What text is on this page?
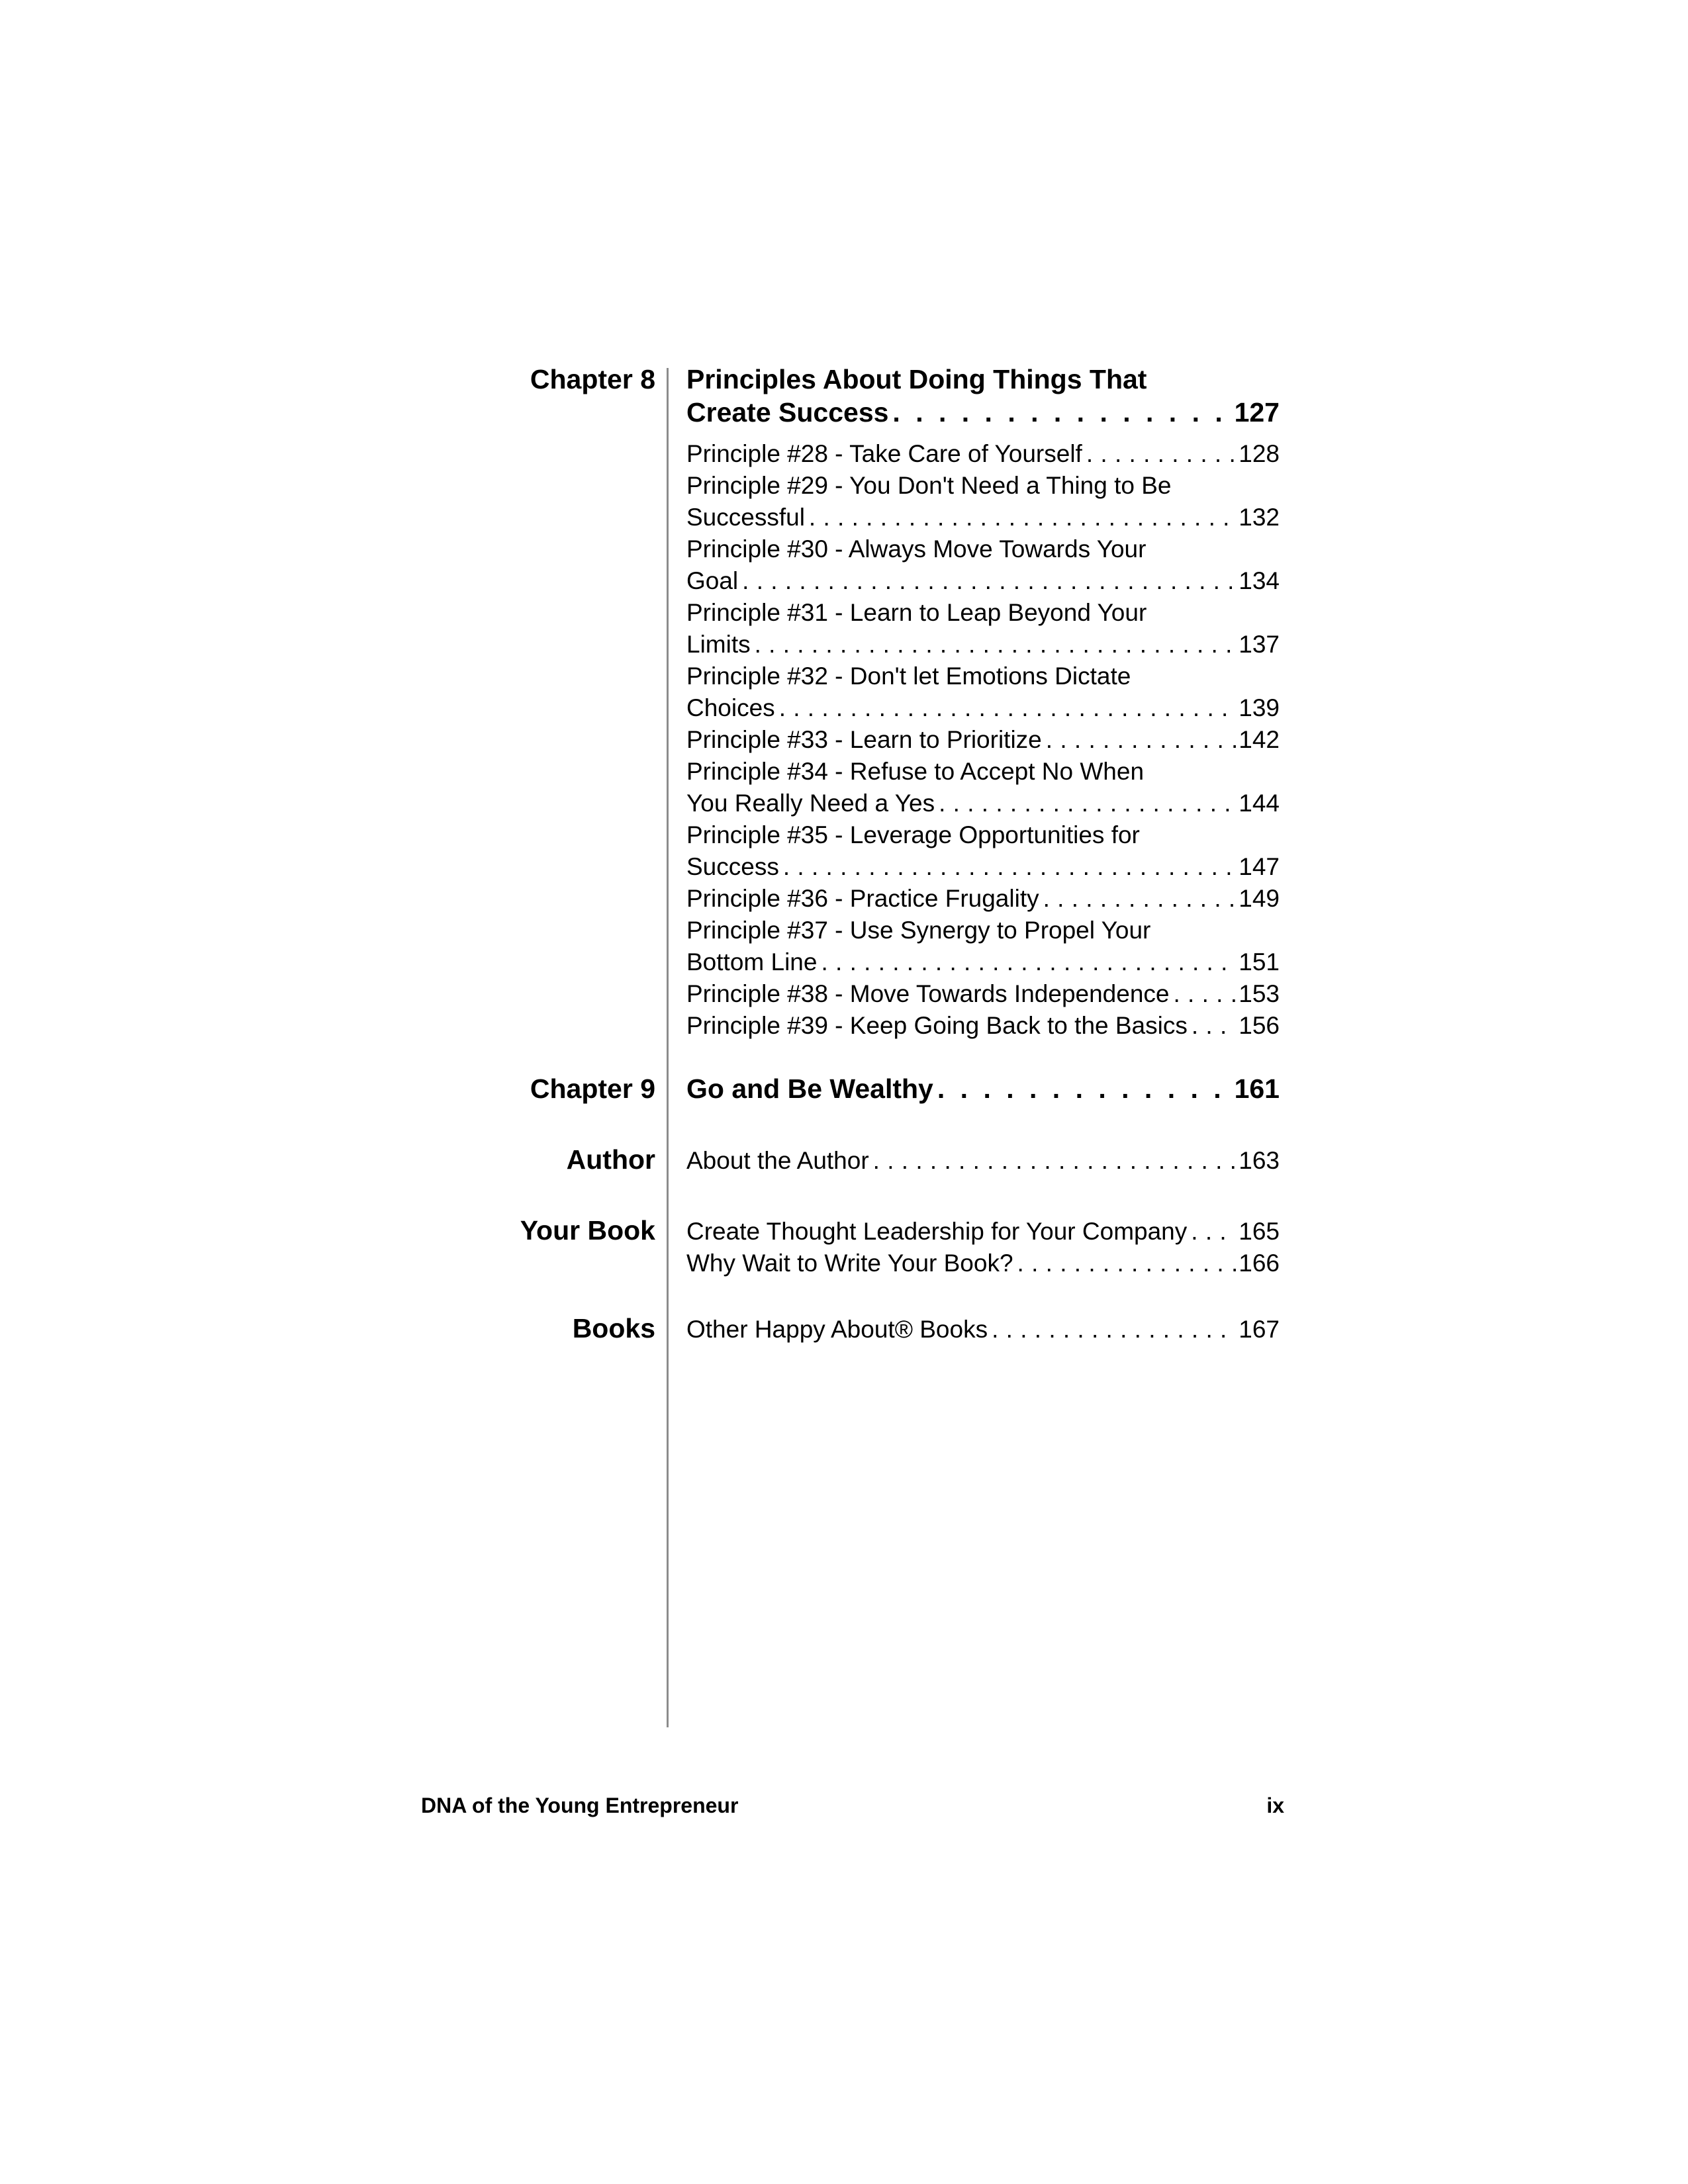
Chapter 8 Principles About Doing Things That
Create Success . . .	127
Principle #28 - Take Care of Yourself . . .	128
Principle #29 - You Don't Need a Thing to Be
Successful . . .	132
Principle #30 - Always Move Towards Your
Goal . . .	134
Principle #31 - Learn to Leap Beyond Your
Limits . . .	137
Principle #32 - Don't let Emotions Dictate
Choices . . .	139
Principle #33 - Learn to Prioritize . . .	142
Principle #34 - Refuse to Accept No When
You Really Need a Yes . . .	144
Principle #35 - Leverage Opportunities for
Success . . .	147
Principle #36 - Practice Frugality . . .	149
Principle #37 - Use Synergy to Propel Your
Bottom Line . . .	151
Principle #38 - Move Towards Independence . . .	153
Principle #39 - Keep Going Back to the Basics . . . 156
Chapter 9 Go and Be Wealthy . . .	161
Author About the Author . . .	163
Your Book Create Thought Leadership for Your Company . . . 165
Why Wait to Write Your Book? . . .	166
Books Other Happy About® Books . . .	167
DNA of the Young Entrepreneur	ix
